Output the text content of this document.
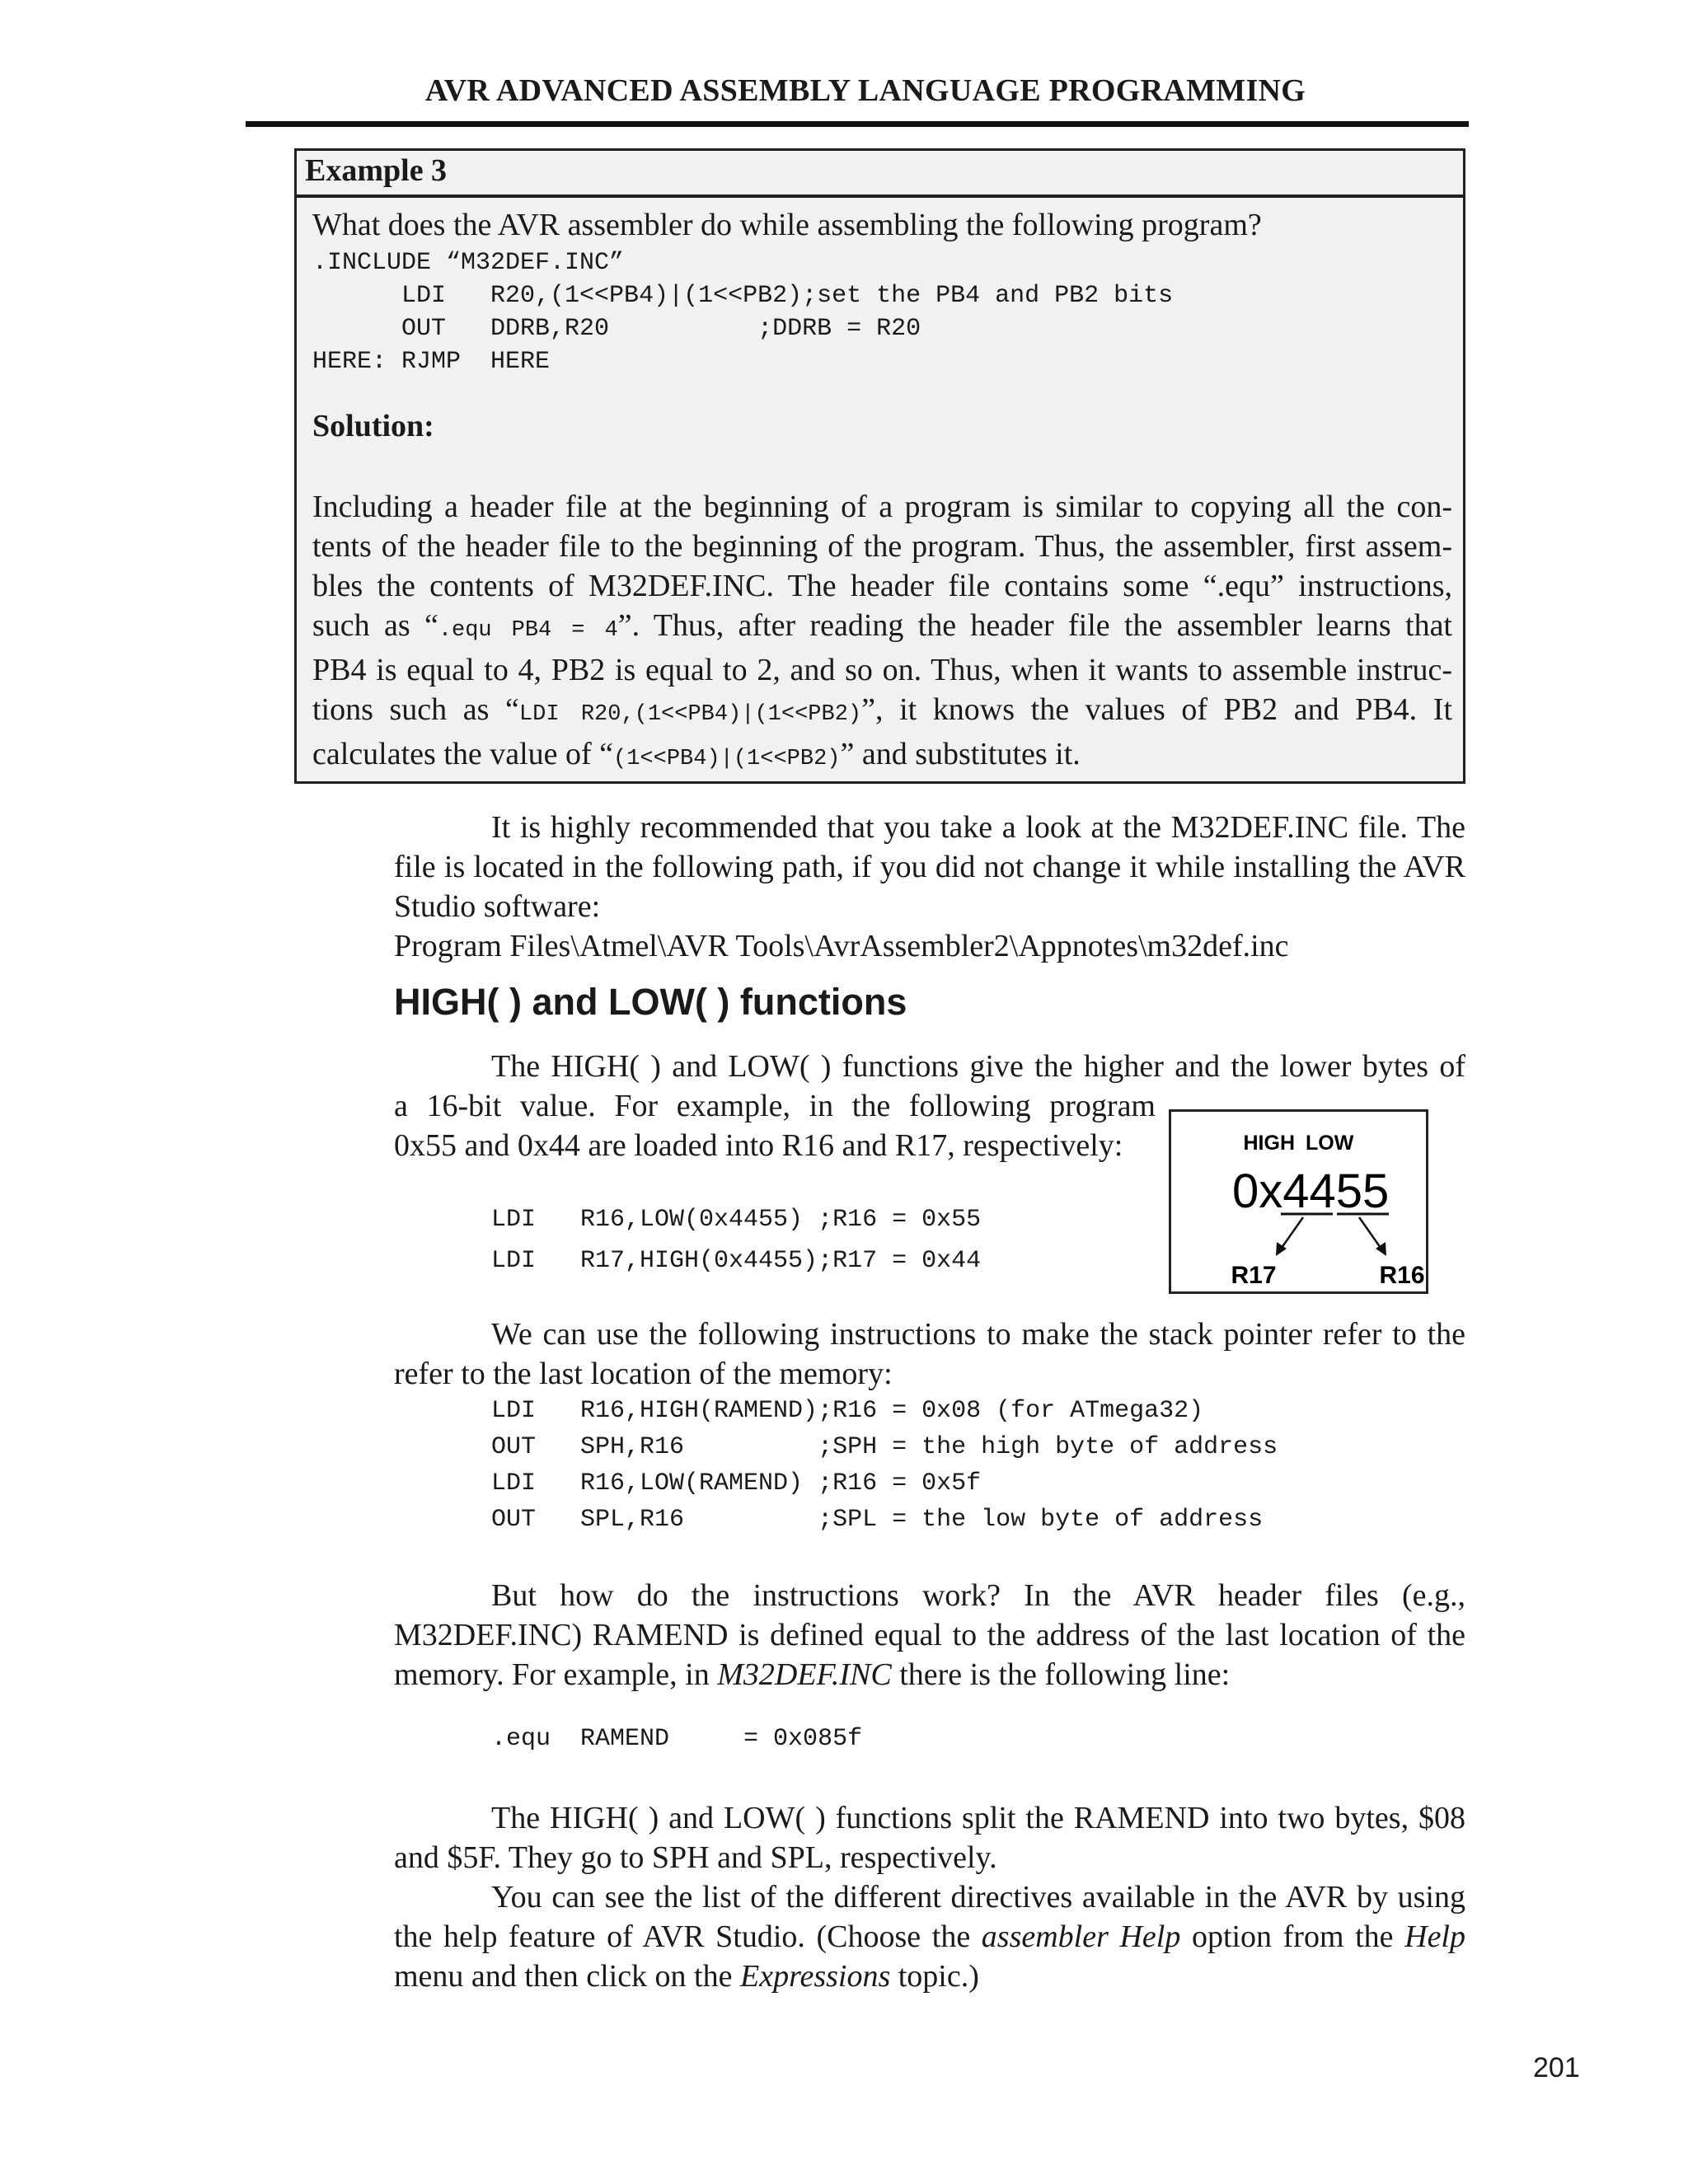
AVR ADVANCED ASSEMBLY LANGUAGE PROGRAMMING
Example 3
What does the AVR assembler do while assembling the following program?
.INCLUDE “M32DEF.INC”
LDI   R20,(1<<PB4)|(1<<PB2);set the PB4 and PB2 bits
OUT   DDRB,R20          ;DDRB = R20
HERE: RJMP  HERE
Solution:
Including a header file at the beginning of a program is similar to copying all the con-
tents of the header file to the beginning of the program. Thus, the assembler, first assem-
bles the contents of M32DEF.INC. The header file contains some “.equ” instructions,
such as “.equ PB4 = 4”. Thus, after reading the header file the assembler learns that
PB4 is equal to 4, PB2 is equal to 2, and so on. Thus, when it wants to assemble instruc-
tions such as “LDI R20,(1<<PB4)|(1<<PB2)”, it knows the values of PB2 and PB4. It
calculates the value of “(1<<PB4)|(1<<PB2)” and substitutes it.
It is highly recommended that you take a look at the M32DEF.INC file. The
file is located in the following path, if you did not change it while installing the AVR
Studio software:
Program Files\Atmel\AVR Tools\AvrAssembler2\Appnotes\m32def.inc
HIGH( ) and LOW( ) functions
The HIGH( ) and LOW( ) functions give the higher and the lower bytes of
a 16-bit value. For example, in the following program
0x55 and 0x44 are loaded into R16 and R17, respectively:
LDI   R16,LOW(0x4455) ;R16 = 0x55
LDI   R17,HIGH(0x4455);R17 = 0x44
HIGH LOW
0x4455
R17	R16
We can use the following instructions to make the stack pointer refer to the
refer to the last location of the memory:
LDI   R16,HIGH(RAMEND);R16 = 0x08 (for ATmega32)
OUT   SPH,R16         ;SPH = the high byte of address
LDI   R16,LOW(RAMEND) ;R16 = 0x5f
OUT   SPL,R16         ;SPL = the low byte of address
But how do the instructions work? In the AVR header files (e.g.,
M32DEF.INC) RAMEND is defined equal to the address of the last location of the
memory. For example, in M32DEF.INC there is the following line:
.equ  RAMEND     = 0x085f
The HIGH( ) and LOW( ) functions split the RAMEND into two bytes, $08
and $5F. They go to SPH and SPL, respectively.
You can see the list of the different directives available in the AVR by using
the help feature of AVR Studio. (Choose the assembler Help option from the Help
menu and then click on the Expressions topic.)
201
